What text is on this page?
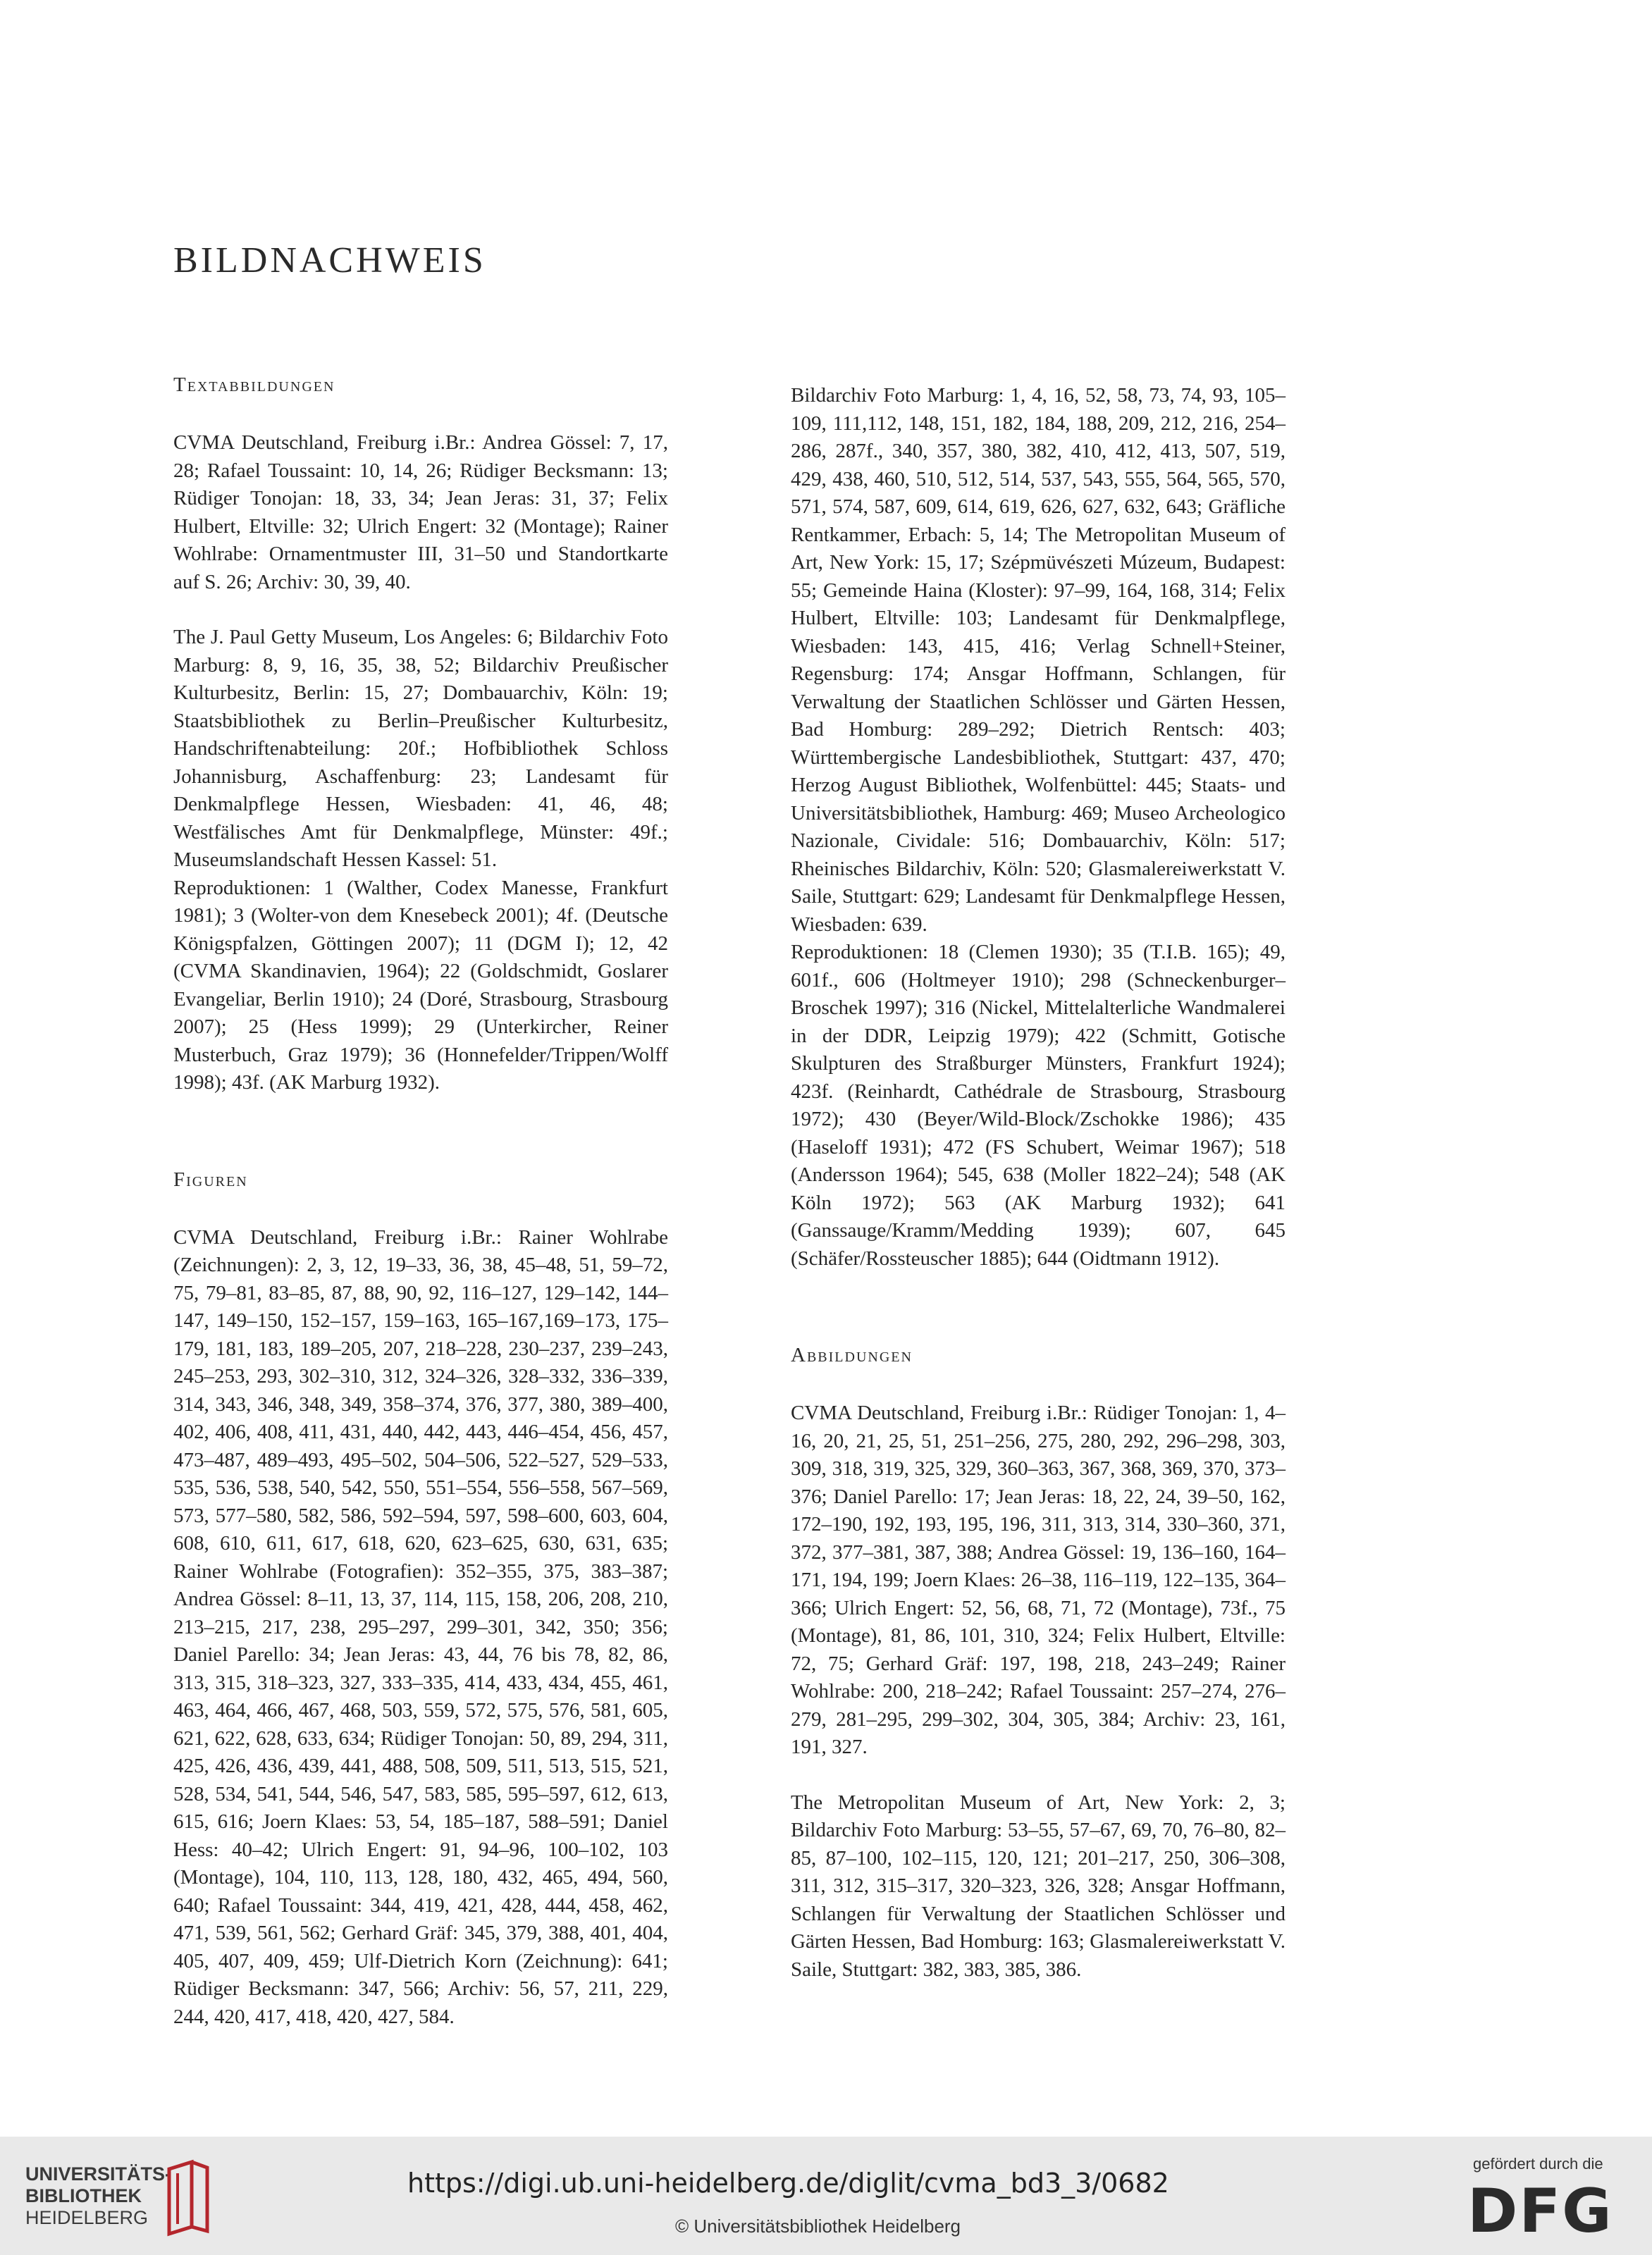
BILDNACHWEIS
Textabbildungen

CVMA Deutschland, Freiburg i.Br.: Andrea Gössel: 7, 17, 28; Rafael Toussaint: 10, 14, 26; Rüdiger Becksmann: 13; Rüdiger Tonojan: 18, 33, 34; Jean Jeras: 31, 37; Felix Hulbert, Eltville: 32; Ulrich Engert: 32 (Montage); Rainer Wohlrabe: Ornamentmuster III, 31–50 und Standortkarte auf S. 26; Archiv: 30, 39, 40.

The J. Paul Getty Museum, Los Angeles: 6; Bildarchiv Foto Marburg: 8, 9, 16, 35, 38, 52; Bildarchiv Preußischer Kulturbesitz, Berlin: 15, 27; Dombauarchiv, Köln: 19; Staatsbibliothek zu Berlin–Preußischer Kulturbesitz, Handschriftenabteilung: 20f.; Hofbibliothek Schloss Johannisburg, Aschaffenburg: 23; Landesamt für Denkmalpflege Hessen, Wiesbaden: 41, 46, 48; Westfälisches Amt für Denkmalpflege, Münster: 49f.; Museumslandschaft Hessen Kassel: 51.

Reproduktionen: 1 (Walther, Codex Manesse, Frankfurt 1981); 3 (Wolter-von dem Knesebeck 2001); 4f. (Deutsche Königspfalzen, Göttingen 2007); 11 (DGM I); 12, 42 (CVMA Skandinavien, 1964); 22 (Goldschmidt, Goslarer Evangeliar, Berlin 1910); 24 (Doré, Strasbourg, Strasbourg 2007); 25 (Hess 1999); 29 (Unterkircher, Reiner Musterbuch, Graz 1979); 36 (Honnefelder/Trippen/Wolff 1998); 43f. (AK Marburg 1932).

Figuren

CVMA Deutschland, Freiburg i.Br.: Rainer Wohlrabe (Zeichnungen): 2, 3, 12, 19–33, 36, 38, 45–48, 51, 59–72, 75, 79–81, 83–85, 87, 88, 90, 92, 116–127, 129–142, 144–147, 149–150, 152–157, 159–163, 165–167,169–173, 175–179, 181, 183, 189–205, 207, 218–228, 230–237, 239–243, 245–253, 293, 302–310, 312, 324–326, 328–332, 336–339, 314, 343, 346, 348, 349, 358–374, 376, 377, 380, 389–400, 402, 406, 408, 411, 431, 440, 442, 443, 446–454, 456, 457, 473–487, 489–493, 495–502, 504–506, 522–527, 529–533, 535, 536, 538, 540, 542, 550, 551–554, 556–558, 567–569, 573, 577–580, 582, 586, 592–594, 597, 598–600, 603, 604, 608, 610, 611, 617, 618, 620, 623–625, 630, 631, 635; Rainer Wohlrabe (Fotografien): 352–355, 375, 383–387; Andrea Gössel: 8–11, 13, 37, 114, 115, 158, 206, 208, 210, 213–215, 217, 238, 295–297, 299–301, 342, 350; 356; Daniel Parello: 34; Jean Jeras: 43, 44, 76 bis 78, 82, 86, 313, 315, 318–323, 327, 333–335, 414, 433, 434, 455, 461, 463, 464, 466, 467, 468, 503, 559, 572, 575, 576, 581, 605, 621, 622, 628, 633, 634; Rüdiger Tonojan: 50, 89, 294, 311, 425, 426, 436, 439, 441, 488, 508, 509, 511, 513, 515, 521, 528, 534, 541, 544, 546, 547, 583, 585, 595–597, 612, 613, 615, 616; Joern Klaes: 53, 54, 185–187, 588–591; Daniel Hess: 40–42; Ulrich Engert: 91, 94–96, 100–102, 103 (Montage), 104, 110, 113, 128, 180, 432, 465, 494, 560, 640; Rafael Toussaint: 344, 419, 421, 428, 444, 458, 462, 471, 539, 561, 562; Gerhard Gräf: 345, 379, 388, 401, 404, 405, 407, 409, 459; Ulf-Dietrich Korn (Zeichnung): 641; Rüdiger Becksmann: 347, 566; Archiv: 56, 57, 211, 229, 244, 420, 417, 418, 420, 427, 584.

Bildarchiv Foto Marburg: 1, 4, 16, 52, 58, 73, 74, 93, 105–109, 111,112, 148, 151, 182, 184, 188, 209, 212, 216, 254–286, 287f., 340, 357, 380, 382, 410, 412, 413, 507, 519, 429, 438, 460, 510, 512, 514, 537, 543, 555, 564, 565, 570, 571, 574, 587, 609, 614, 619, 626, 627, 632, 643; Gräfliche Rentkammer, Erbach: 5, 14; The Metropolitan Museum of Art, New York: 15, 17; Szépmüvészeti Múzeum, Budapest: 55; Gemeinde Haina (Kloster): 97–99, 164, 168, 314; Felix Hulbert, Eltville: 103; Landesamt für Denkmalpflege, Wiesbaden: 143, 415, 416; Verlag Schnell+Steiner, Regensburg: 174; Ansgar Hoffmann, Schlangen, für Verwaltung der Staatlichen Schlösser und Gärten Hessen, Bad Homburg: 289–292; Dietrich Rentsch: 403; Württembergische Landesbibliothek, Stuttgart: 437, 470; Herzog August Bibliothek, Wolfenbüttel: 445; Staats- und Universitätsbibliothek, Hamburg: 469; Museo Archeologico Nazionale, Cividale: 516; Dombauarchiv, Köln: 517; Rheinisches Bildarchiv, Köln: 520; Glasmalereiwerkstatt V. Saile, Stuttgart: 629; Landesamt für Denkmalpflege Hessen, Wiesbaden: 639.

Reproduktionen: 18 (Clemen 1930); 35 (T.I.B. 165); 49, 601f., 606 (Holtmeyer 1910); 298 (Schneckenburger–Broschek 1997); 316 (Nickel, Mittelalterliche Wandmalerei in der DDR, Leipzig 1979); 422 (Schmitt, Gotische Skulpturen des Straßburger Münsters, Frankfurt 1924); 423f. (Reinhardt, Cathédrale de Strasbourg, Strasbourg 1972); 430 (Beyer/Wild-Block/Zschokke 1986); 435 (Haseloff 1931); 472 (FS Schubert, Weimar 1967); 518 (Andersson 1964); 545, 638 (Moller 1822–24); 548 (AK Köln 1972); 563 (AK Marburg 1932); 641 (Ganssauge/Kramm/Medding 1939); 607, 645 (Schäfer/Rossteuscher 1885); 644 (Oidtmann 1912).

Abbildungen

CVMA Deutschland, Freiburg i.Br.: Rüdiger Tonojan: 1, 4–16, 20, 21, 25, 51, 251–256, 275, 280, 292, 296–298, 303, 309, 318, 319, 325, 329, 360–363, 367, 368, 369, 370, 373–376; Daniel Parello: 17; Jean Jeras: 18, 22, 24, 39–50, 162, 172–190, 192, 193, 195, 196, 311, 313, 314, 330–360, 371, 372, 377–381, 387, 388; Andrea Gössel: 19, 136–160, 164–171, 194, 199; Joern Klaes: 26–38, 116–119, 122–135, 364–366; Ulrich Engert: 52, 56, 68, 71, 72 (Montage), 73f., 75 (Montage), 81, 86, 101, 310, 324; Felix Hulbert, Eltville: 72, 75; Gerhard Gräf: 197, 198, 218, 243–249; Rainer Wohlrabe: 200, 218–242; Rafael Toussaint: 257–274, 276–279, 281–295, 299–302, 304, 305, 384; Archiv: 23, 161, 191, 327.

The Metropolitan Museum of Art, New York: 2, 3; Bildarchiv Foto Marburg: 53–55, 57–67, 69, 70, 76–80, 82–85, 87–100, 102–115, 120, 121; 201–217, 250, 306–308, 311, 312, 315–317, 320–323, 326, 328; Ansgar Hoffmann, Schlangen für Verwaltung der Staatlichen Schlösser und Gärten Hessen, Bad Homburg: 163; Glasmalereiwerkstatt V. Saile, Stuttgart: 382, 383, 385, 386.

UNIVERSITÄTS-
BIBLIOTHEK
HEIDELBERG
https://digi.ub.uni-heidelberg.de/diglit/cvma_bd3_3/0682
© Universitätsbibliothek Heidelberg
gefördert durch die
DFG
